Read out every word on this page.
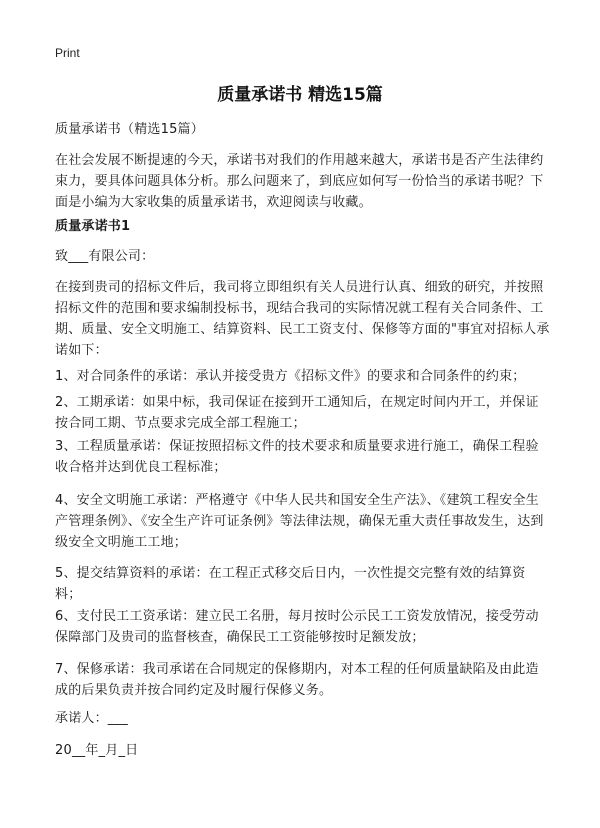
Print
质量承诺书 精选15篇
质量承诺书（精选15篇）
在社会发展不断提速的今天，承诺书对我们的作用越来越大，承诺书是否产生法律约束力，要具体问题具体分析。那么问题来了，到底应如何写一份恰当的承诺书呢？下面是小编为大家收集的质量承诺书，欢迎阅读与收藏。
质量承诺书1
致___有限公司：
在接到贵司的招标文件后，我司将立即组织有关人员进行认真、细致的研究，并按照招标文件的范围和要求编制投标书，现结合我司的实际情况就工程有关合同条件、工期、质量、安全文明施工、结算资料、民工工资支付、保修等方面的"事宜对招标人承诺如下：
1、对合同条件的承诺：承认并接受贵方《招标文件》的要求和合同条件的约束；
2、工期承诺：如果中标，我司保证在接到开工通知后，在规定时间内开工，并保证按合同工期、节点要求完成全部工程施工；
3、工程质量承诺：保证按照招标文件的技术要求和质量要求进行施工，确保工程验收合格并达到优良工程标准；
4、安全文明施工承诺：严格遵守《中华人民共和国安全生产法》、《建筑工程安全生产管理条例》、《安全生产许可证条例》等法律法规，确保无重大责任事故发生，达到级安全文明施工工地；
5、提交结算资料的承诺：在工程正式移交后日内，一次性提交完整有效的结算资料；
6、支付民工工资承诺：建立民工名册，每月按时公示民工工资发放情况，接受劳动保障部门及贵司的监督核查，确保民工工资能够按时足额发放；
7、保修承诺：我司承诺在合同规定的保修期内，对本工程的任何质量缺陷及由此造成的后果负责并按合同约定及时履行保修义务。
承诺人：___
20__年_月_日
